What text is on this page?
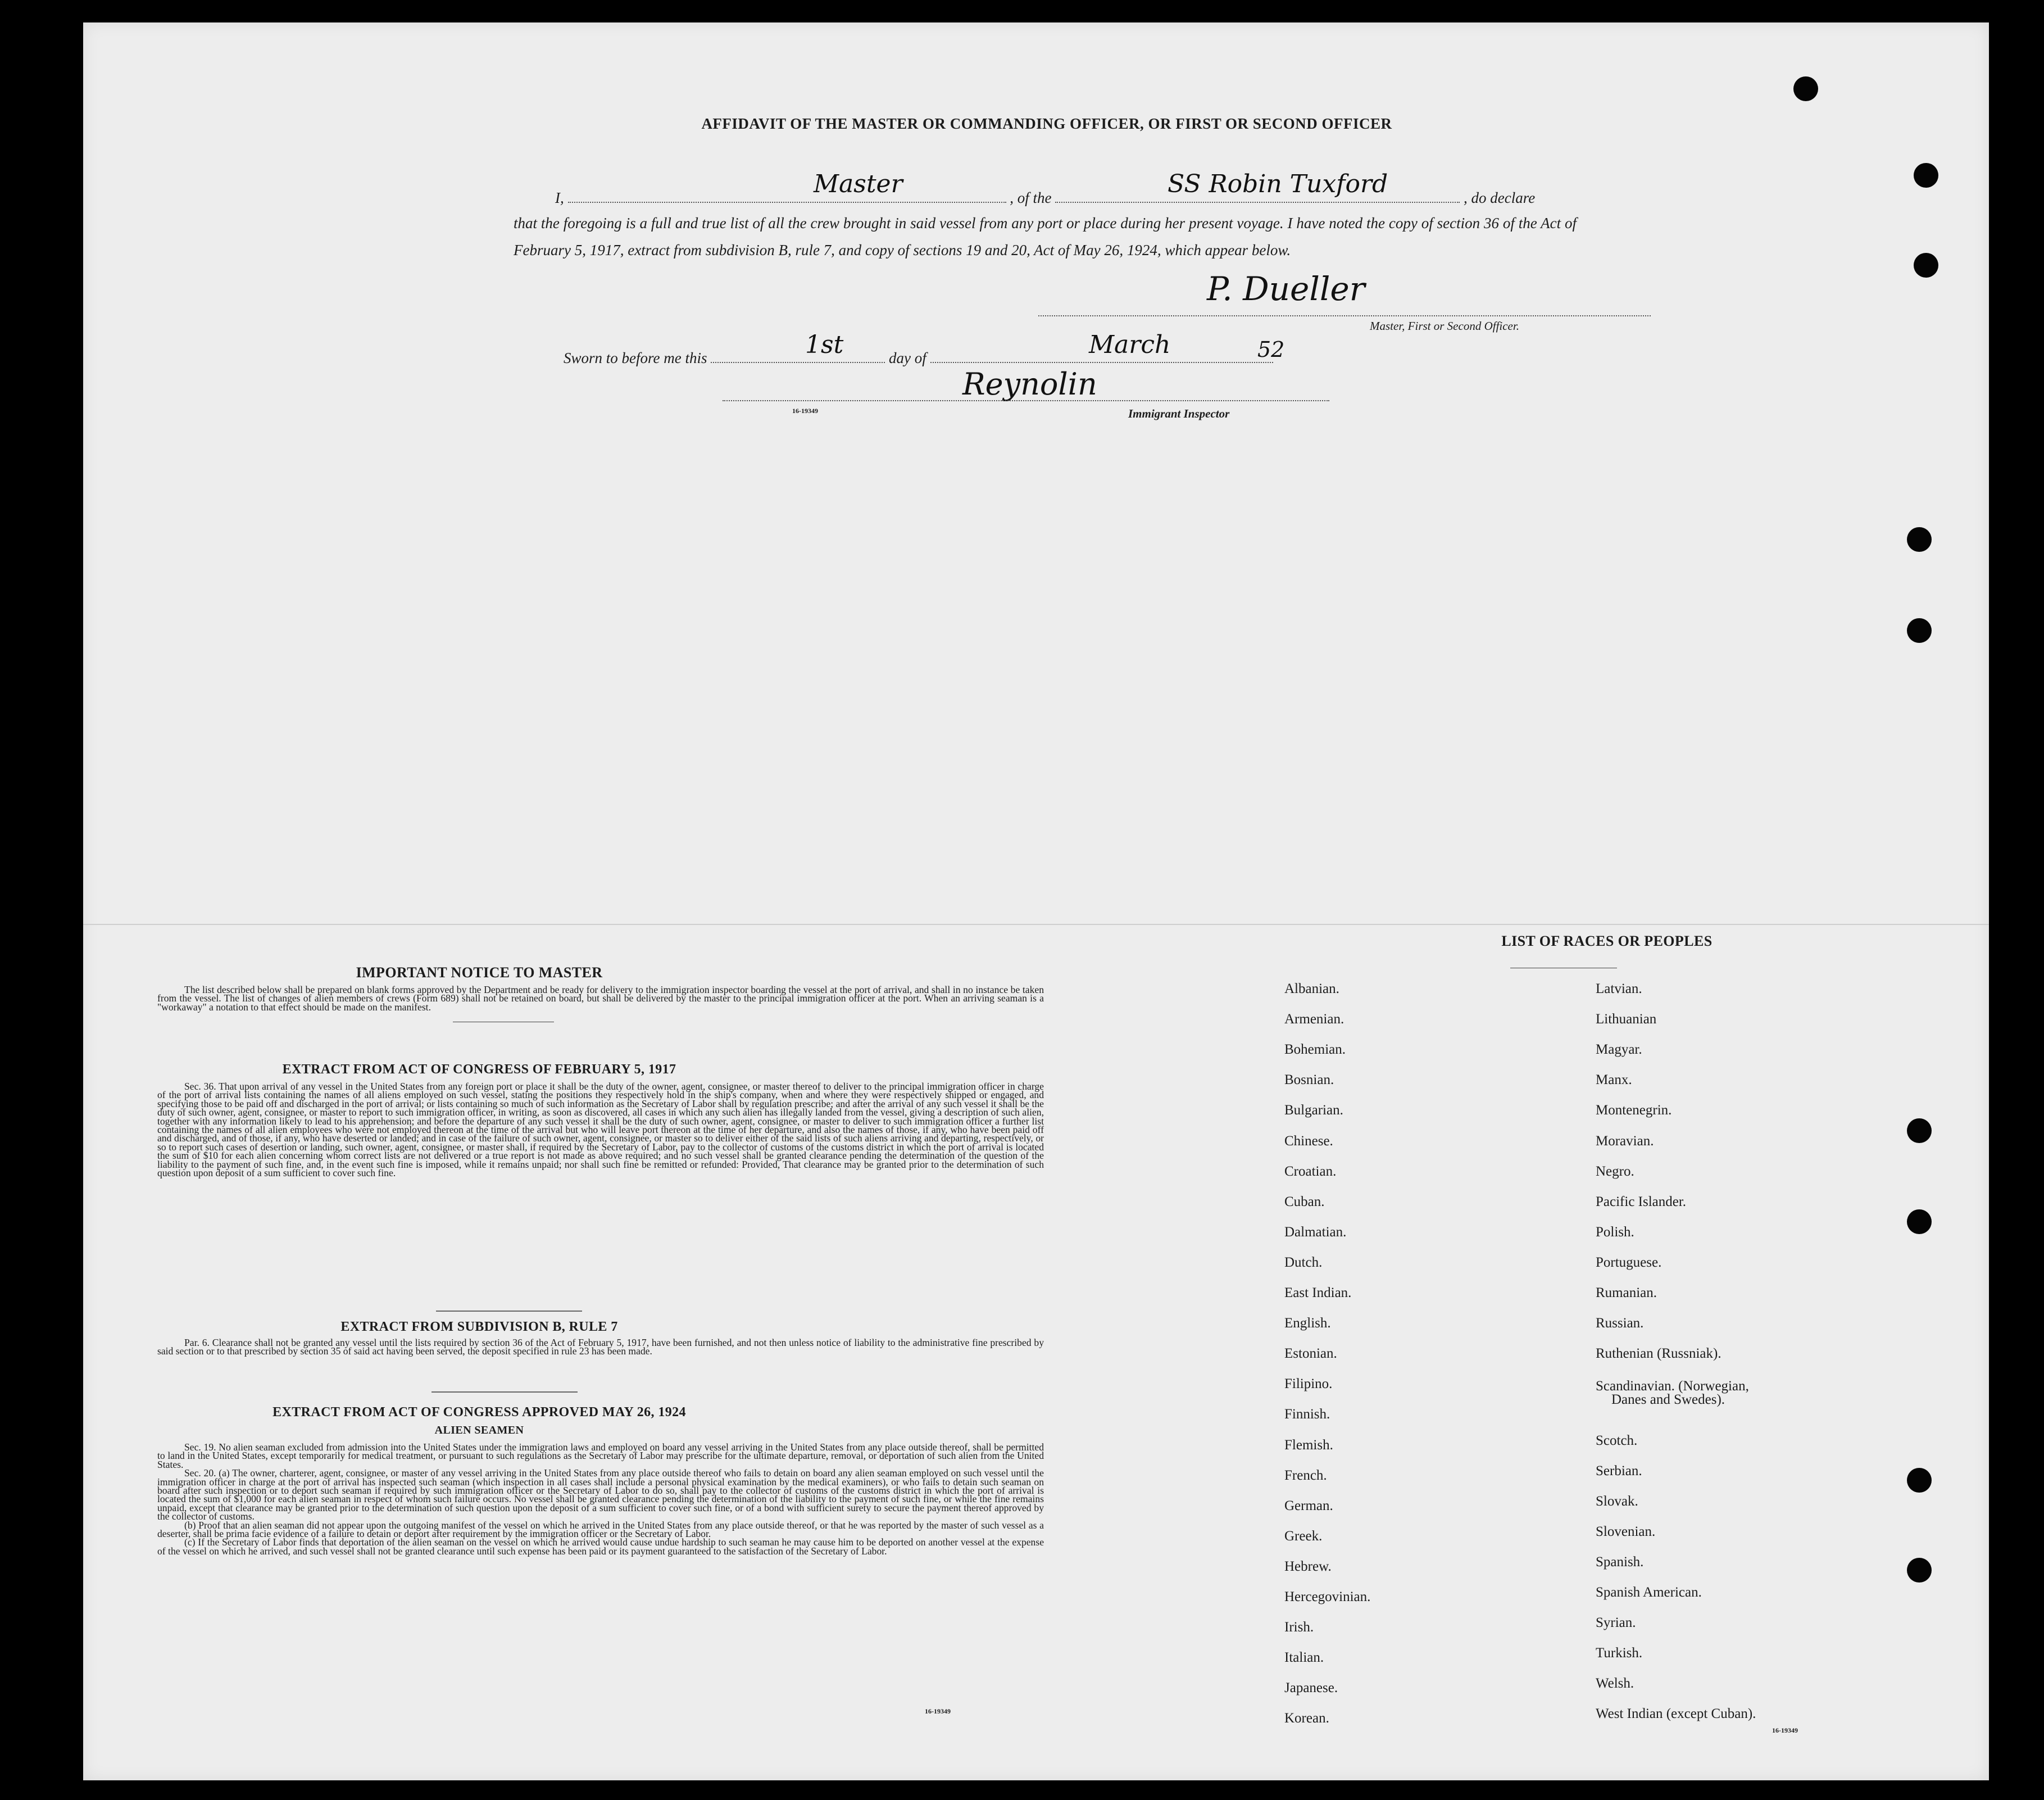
AFFIDAVIT OF THE MASTER OR COMMANDING OFFICER, OR FIRST OR SECOND OFFICER
I,	, of the	, do declare
Master	SS Robin Tuxford
that the foregoing is a full and true list of all the crew brought in said vessel from any port or place during her present voyage. I have noted the copy of section 36 of the Act of February 5, 1917, extract from subdivision B, rule 7, and copy of sections 19 and 20, Act of May 26, 1924, which appear below.
P. Dueller
Master, First or Second Officer.
Sworn to before me this	day of
1st	March	52
Reynolin
Immigrant Inspector
16-19349
IMPORTANT NOTICE TO MASTER

The list described below shall be prepared on blank forms approved by the Department and be ready for delivery to the immigration inspector boarding the vessel at the port of arrival, and shall in no instance be taken from the vessel. The list of changes of alien members of crews (Form 689) shall not be retained on board, but shall be delivered by the master to the principal immigration officer at the port. When an arriving seaman is a "workaway" a notation to that effect should be made on the manifest.

EXTRACT FROM ACT OF CONGRESS OF FEBRUARY 5, 1917

Sec. 36. That upon arrival of any vessel in the United States from any foreign port or place it shall be the duty of the owner, agent, consignee, or master thereof to deliver to the principal immigration officer in charge of the port of arrival lists containing the names of all aliens employed on such vessel, stating the positions they respectively hold in the ship's company, when and where they were respectively shipped or engaged, and specifying those to be paid off and discharged in the port of arrival; or lists containing so much of such information as the Secretary of Labor shall by regulation prescribe; and after the arrival of any such vessel it shall be the duty of such owner, agent, consignee, or master to report to such immigration officer, in writing, as soon as discovered, all cases in which any such alien has illegally landed from the vessel, giving a description of such alien, together with any information likely to lead to his apprehension; and before the departure of any such vessel it shall be the duty of such owner, agent, consignee, or master to deliver to such immigration officer a further list containing the names of all alien employees who were not employed thereon at the time of the arrival but who will leave port thereon at the time of her departure, and also the names of those, if any, who have been paid off and discharged, and of those, if any, who have deserted or landed; and in case of the failure of such owner, agent, consignee, or master so to deliver either of the said lists of such aliens arriving and departing, respectively, or so to report such cases of desertion or landing, such owner, agent, consignee, or master shall, if required by the Secretary of Labor, pay to the collector of customs of the customs district in which the port of arrival is located the sum of $10 for each alien concerning whom correct lists are not delivered or a true report is not made as above required; and no such vessel shall be granted clearance pending the determination of the question of the liability to the payment of such fine, and, in the event such fine is imposed, while it remains unpaid; nor shall such fine be remitted or refunded: Provided, That clearance may be granted prior to the determination of such question upon deposit of a sum sufficient to cover such fine.

EXTRACT FROM SUBDIVISION B, RULE 7

Par. 6. Clearance shall not be granted any vessel until the lists required by section 36 of the Act of February 5, 1917, have been furnished, and not then unless notice of liability to the administrative fine prescribed by said section or to that prescribed by section 35 of said act having been served, the deposit specified in rule 23 has been made.

EXTRACT FROM ACT OF CONGRESS APPROVED MAY 26, 1924
ALIEN SEAMEN

Sec. 19. No alien seaman excluded from admission into the United States under the immigration laws and employed on board any vessel arriving in the United States from any place outside thereof, shall be permitted to land in the United States, except temporarily for medical treatment, or pursuant to such regulations as the Secretary of Labor may prescribe for the ultimate departure, removal, or deportation of such alien from the United States.

Sec. 20. (a) The owner, charterer, agent, consignee, or master of any vessel arriving in the United States from any place outside thereof who fails to detain on board any alien seaman employed on such vessel until the immigration officer in charge at the port of arrival has inspected such seaman (which inspection in all cases shall include a personal physical examination by the medical examiners), or who fails to detain such seaman on board after such inspection or to deport such seaman if required by such immigration officer or the Secretary of Labor to do so, shall pay to the collector of customs of the customs district in which the port of arrival is located the sum of $1,000 for each alien seaman in respect of whom such failure occurs. No vessel shall be granted clearance pending the determination of the liability to the payment of such fine, or while the fine remains unpaid, except that clearance may be granted prior to the determination of such question upon the deposit of a sum sufficient to cover such fine, or of a bond with sufficient surety to secure the payment thereof approved by the collector of customs.

(b) Proof that an alien seaman did not appear upon the outgoing manifest of the vessel on which he arrived in the United States from any place outside thereof, or that he was reported by the master of such vessel as a deserter, shall be prima facie evidence of a failure to detain or deport after requirement by the immigration officer or the Secretary of Labor.

(c) If the Secretary of Labor finds that deportation of the alien seaman on the vessel on which he arrived would cause undue hardship to such seaman he may cause him to be deported on another vessel at the expense of the vessel on which he arrived, and such vessel shall not be granted clearance until such expense has been paid or its payment guaranteed to the satisfaction of the Secretary of Labor.

16-19349
LIST OF RACES OR PEOPLES
Danes and Swedes).
16-19349
Albanian.
Armenian.
Bohemian.
Bosnian.
Bulgarian.
Chinese.
Croatian.
Cuban.
Dalmatian.
Dutch.
East Indian.
English.
Estonian.
Filipino.
Finnish.
Flemish.
French.
German.
Greek.
Hebrew.
Hercegovinian.
Irish.
Italian.
Japanese.
Korean.
Latvian.
Lithuanian
Magyar.
Manx.
Montenegrin.
Moravian.
Negro.
Pacific Islander.
Polish.
Portuguese.
Rumanian.
Russian.
Ruthenian (Russniak).
Scandinavian. (Norwegian,
Scotch.
Serbian.
Slovak.
Slovenian.
Spanish.
Spanish American.
Syrian.
Turkish.
Welsh.
West Indian (except Cuban).
